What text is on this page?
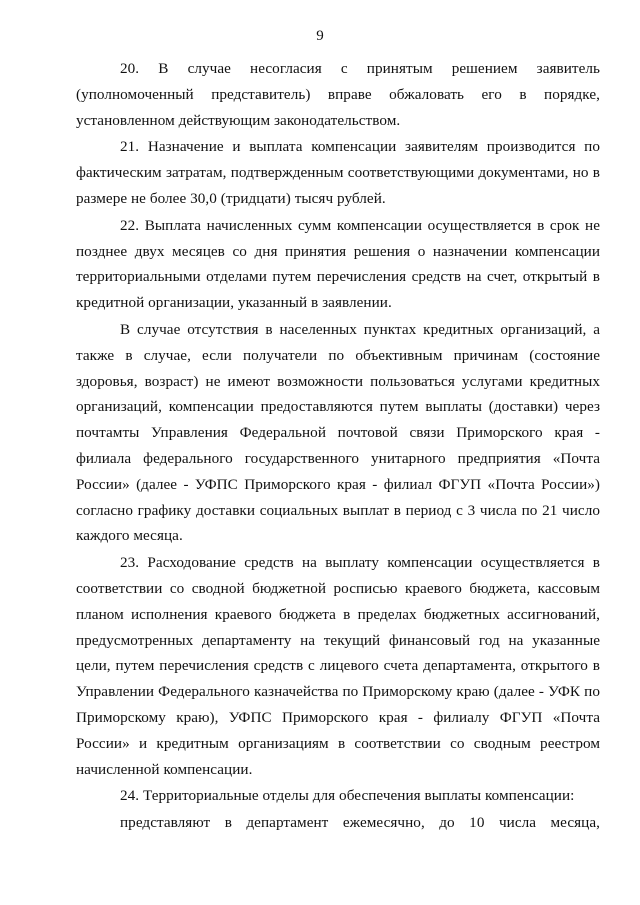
9

20. В случае несогласия с принятым решением заявитель (уполномоченный представитель) вправе обжаловать его в порядке, установленном действующим законодательством.

21. Назначение и выплата компенсации заявителям производится по фактическим затратам, подтвержденным соответствующими документами, но в размере не более 30,0 (тридцати) тысяч рублей.

22. Выплата начисленных сумм компенсации осуществляется в срок не позднее двух месяцев со дня принятия решения о назначении компенсации территориальными отделами путем перечисления средств на счет, открытый в кредитной организации, указанный в заявлении.

В случае отсутствия в населенных пунктах кредитных организаций, а также в случае, если получатели по объективным причинам (состояние здоровья, возраст) не имеют возможности пользоваться услугами кредитных организаций, компенсации предоставляются путем выплаты (доставки) через почтамты Управления Федеральной почтовой связи Приморского края - филиала федерального государственного унитарного предприятия «Почта России» (далее - УФПС Приморского края - филиал ФГУП «Почта России») согласно графику доставки социальных выплат в период с 3 числа по 21 число каждого месяца.

23. Расходование средств на выплату компенсации осуществляется в соответствии со сводной бюджетной росписью краевого бюджета, кассовым планом исполнения краевого бюджета в пределах бюджетных ассигнований, предусмотренных департаменту на текущий финансовый год на указанные цели, путем перечисления средств с лицевого счета департамента, открытого в Управлении Федерального казначейства по Приморскому краю (далее - УФК по Приморскому краю), УФПС Приморского края - филиалу ФГУП «Почта России» и кредитным организациям в соответствии со сводным реестром начисленной компенсации.

24. Территориальные отделы для обеспечения выплаты компенсации:

представляют в департамент ежемесячно, до 10 числа месяца,
